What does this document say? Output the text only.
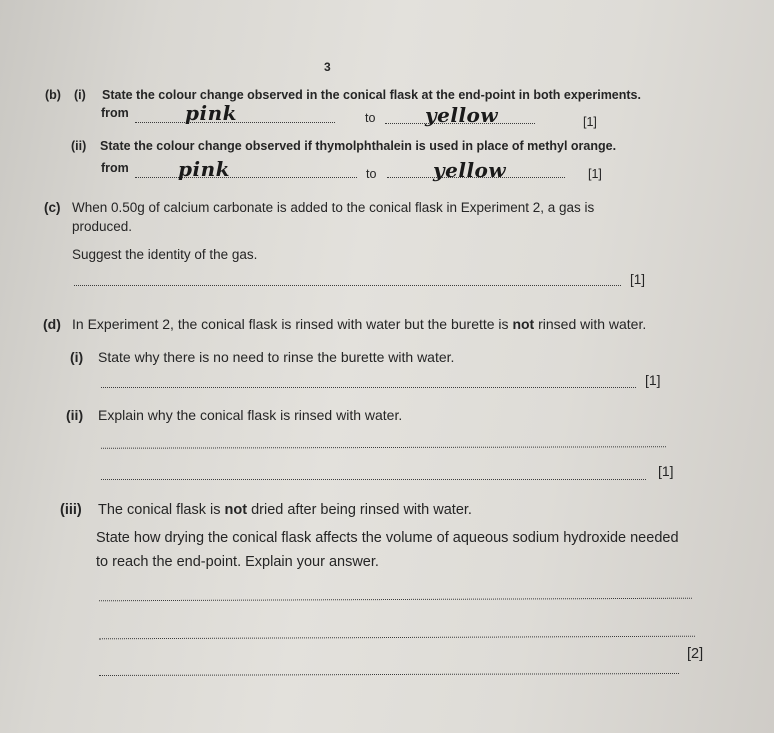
3
(b) (i) State the colour change observed in the conical flask at the end-point in both experiments.
from	pink	to yellow	[1]
(ii) State the colour change observed if thymolphthalein is used in place of methyl orange.
from pink	to	yellow	[1]
(c) When 0.50g of calcium carbonate is added to the conical flask in Experiment 2, a gas is
produced.
Suggest the identity of the gas.
[1]
(d) In Experiment 2, the conical flask is rinsed with water but the burette is not rinsed with water.
(i) State why there is no need to rinse the burette with water.
[1]
(ii) Explain why the conical flask is rinsed with water.
[1]
(iii) The conical flask is not dried after being rinsed with water.
State how drying the conical flask affects the volume of aqueous sodium hydroxide needed
to reach the end-point. Explain your answer.
[2]
